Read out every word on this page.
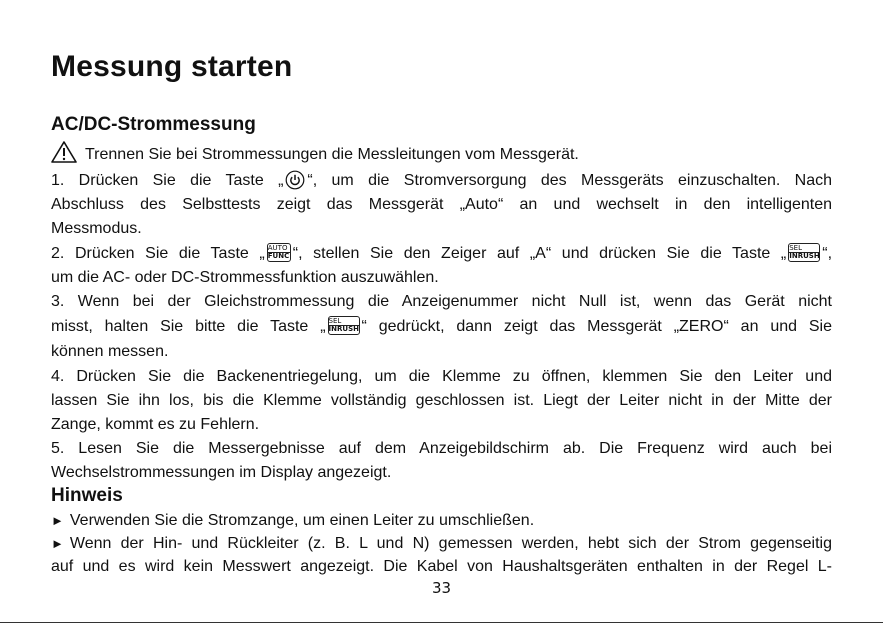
Messung starten
AC/DC-Strommessung
Trennen Sie bei Strommessungen die Messleitungen vom Messgerät.
1. Drücken Sie die Taste „ “, um die Stromversorgung des Messgeräts einzuschalten. Nach
Abschluss des Selbsttests zeigt das Messgerät „Auto“ an und wechselt in den intelligenten
Messmodus.
2. Drücken Sie die Taste „ AUTO
FUNC “, stellen Sie den Zeiger auf „A“ und drücken Sie die Taste „ SEL
INRUSH “,
um die AC- oder DC-Strommessfunktion auszuwählen.
3. Wenn bei der Gleichstrommessung die Anzeigenummer nicht Null ist, wenn das Gerät nicht
misst, halten Sie bitte die Taste „ SEL
INRUSH “ gedrückt, dann zeigt das Messgerät „ZERO“ an und Sie
können messen.
4. Drücken Sie die Backenentriegelung, um die Klemme zu öffnen, klemmen Sie den Leiter und
lassen Sie ihn los, bis die Klemme vollständig geschlossen ist. Liegt der Leiter nicht in der Mitte der
Zange, kommt es zu Fehlern.
5. Lesen Sie die Messergebnisse auf dem Anzeigebildschirm ab. Die Frequenz wird auch bei
Wechselstrommessungen im Display angezeigt.
Hinweis
► Verwenden Sie die Stromzange, um einen Leiter zu umschließen.
► Wenn der Hin- und Rückleiter (z. B. L und N) gemessen werden, hebt sich der Strom gegenseitig
auf und es wird kein Messwert angezeigt. Die Kabel von Haushaltsgeräten enthalten in der Regel L-
33
